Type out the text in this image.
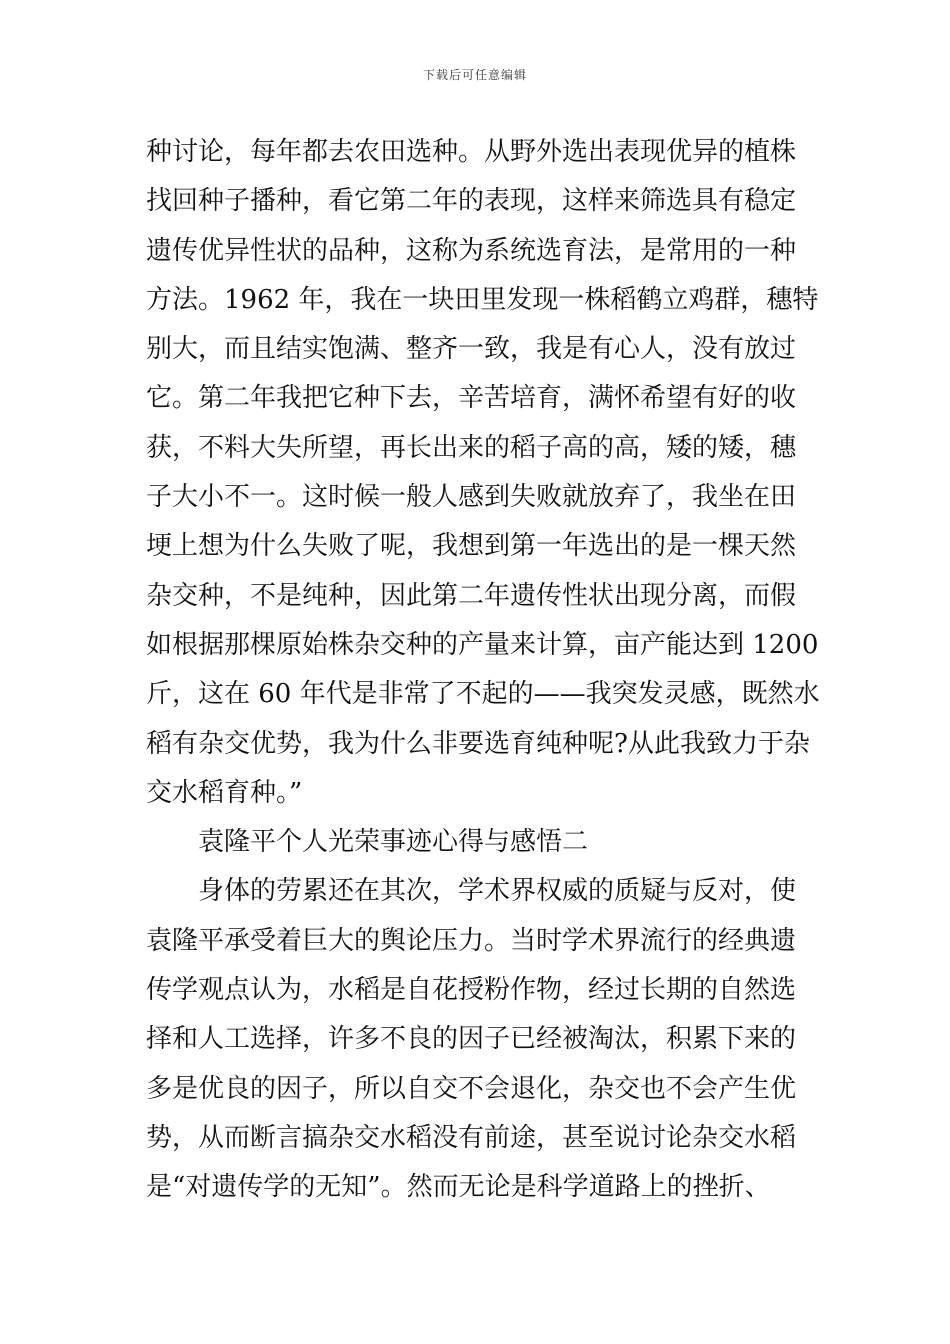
下载后可任意编辑
种讨论，每年都去农田选种。从野外选出表现优异的植株
找回种子播种，看它第二年的表现，这样来筛选具有稳定
遗传优异性状的品种，这称为系统选育法，是常用的一种
方法。1962 年，我在一块田里发现一株稻鹤立鸡群，穗特
别大，而且结实饱满、整齐一致，我是有心人，没有放过
它。第二年我把它种下去，辛苦培育，满怀希望有好的收
获，不料大失所望，再长出来的稻子高的高，矮的矮，穗
子大小不一。这时候一般人感到失败就放弃了，我坐在田
埂上想为什么失败了呢，我想到第一年选出的是一棵天然
杂交种，不是纯种，因此第二年遗传性状出现分离，而假
如根据那棵原始株杂交种的产量来计算，亩产能达到 1200
斤，这在 60 年代是非常了不起的——我突发灵感，既然水
稻有杂交优势，我为什么非要选育纯种呢?从此我致力于杂
交水稻育种。”
袁隆平个人光荣事迹心得与感悟二
身体的劳累还在其次，学术界权威的质疑与反对，使
袁隆平承受着巨大的舆论压力。当时学术界流行的经典遗
传学观点认为，水稻是自花授粉作物，经过长期的自然选
择和人工选择，许多不良的因子已经被淘汰，积累下来的
多是优良的因子，所以自交不会退化，杂交也不会产生优
势，从而断言搞杂交水稻没有前途，甚至说讨论杂交水稻
是“对遗传学的无知”。然而无论是科学道路上的挫折、
